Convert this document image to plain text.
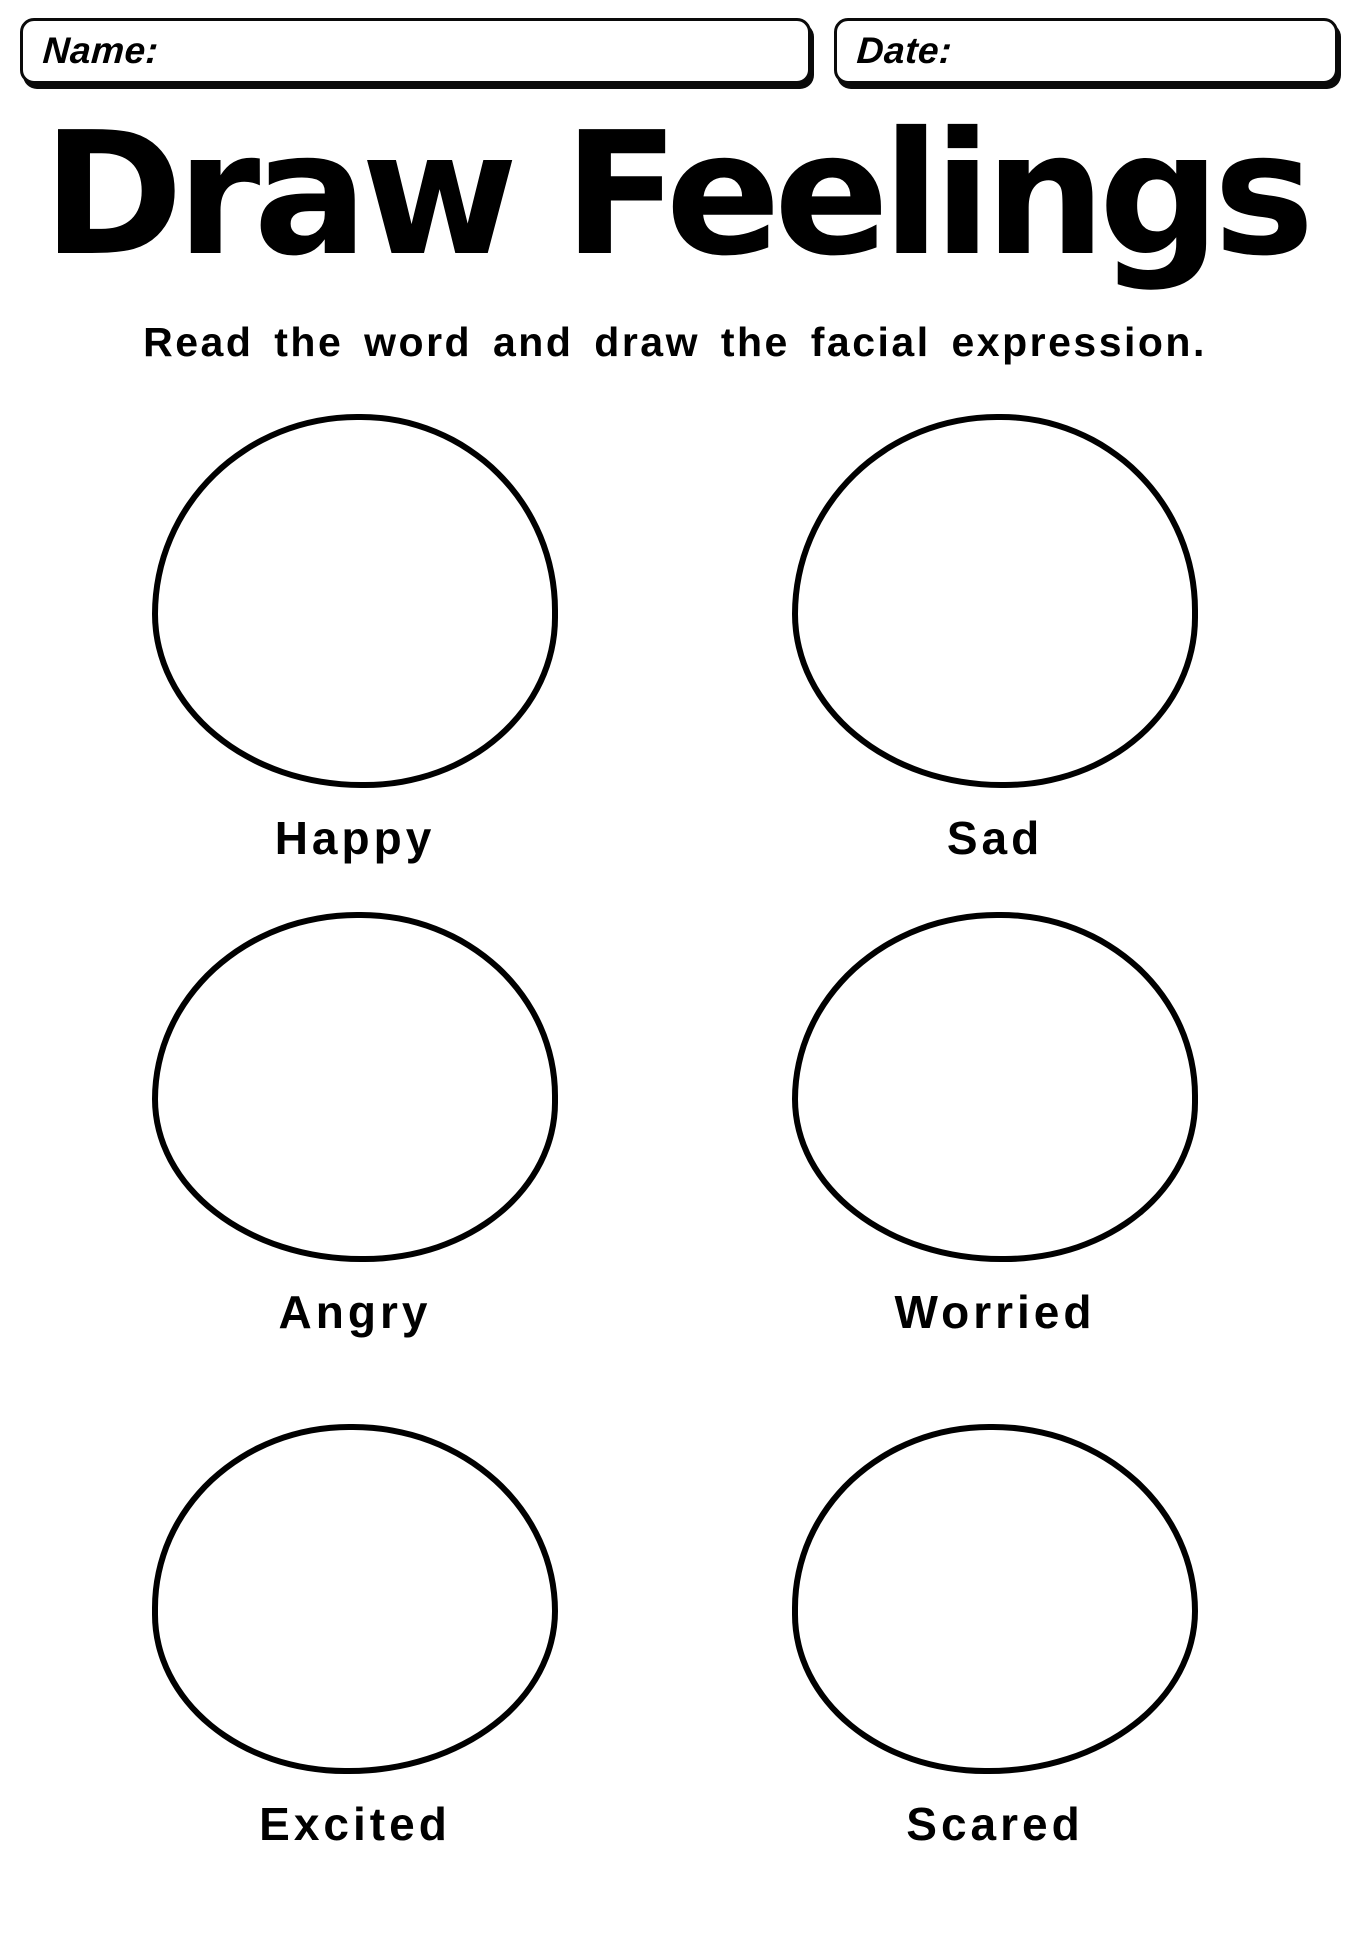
Name:	Date:
Draw Feelings
Read the word and draw the facial expression.
Happy	Sad
Angry	Worried
Excited	Scared
